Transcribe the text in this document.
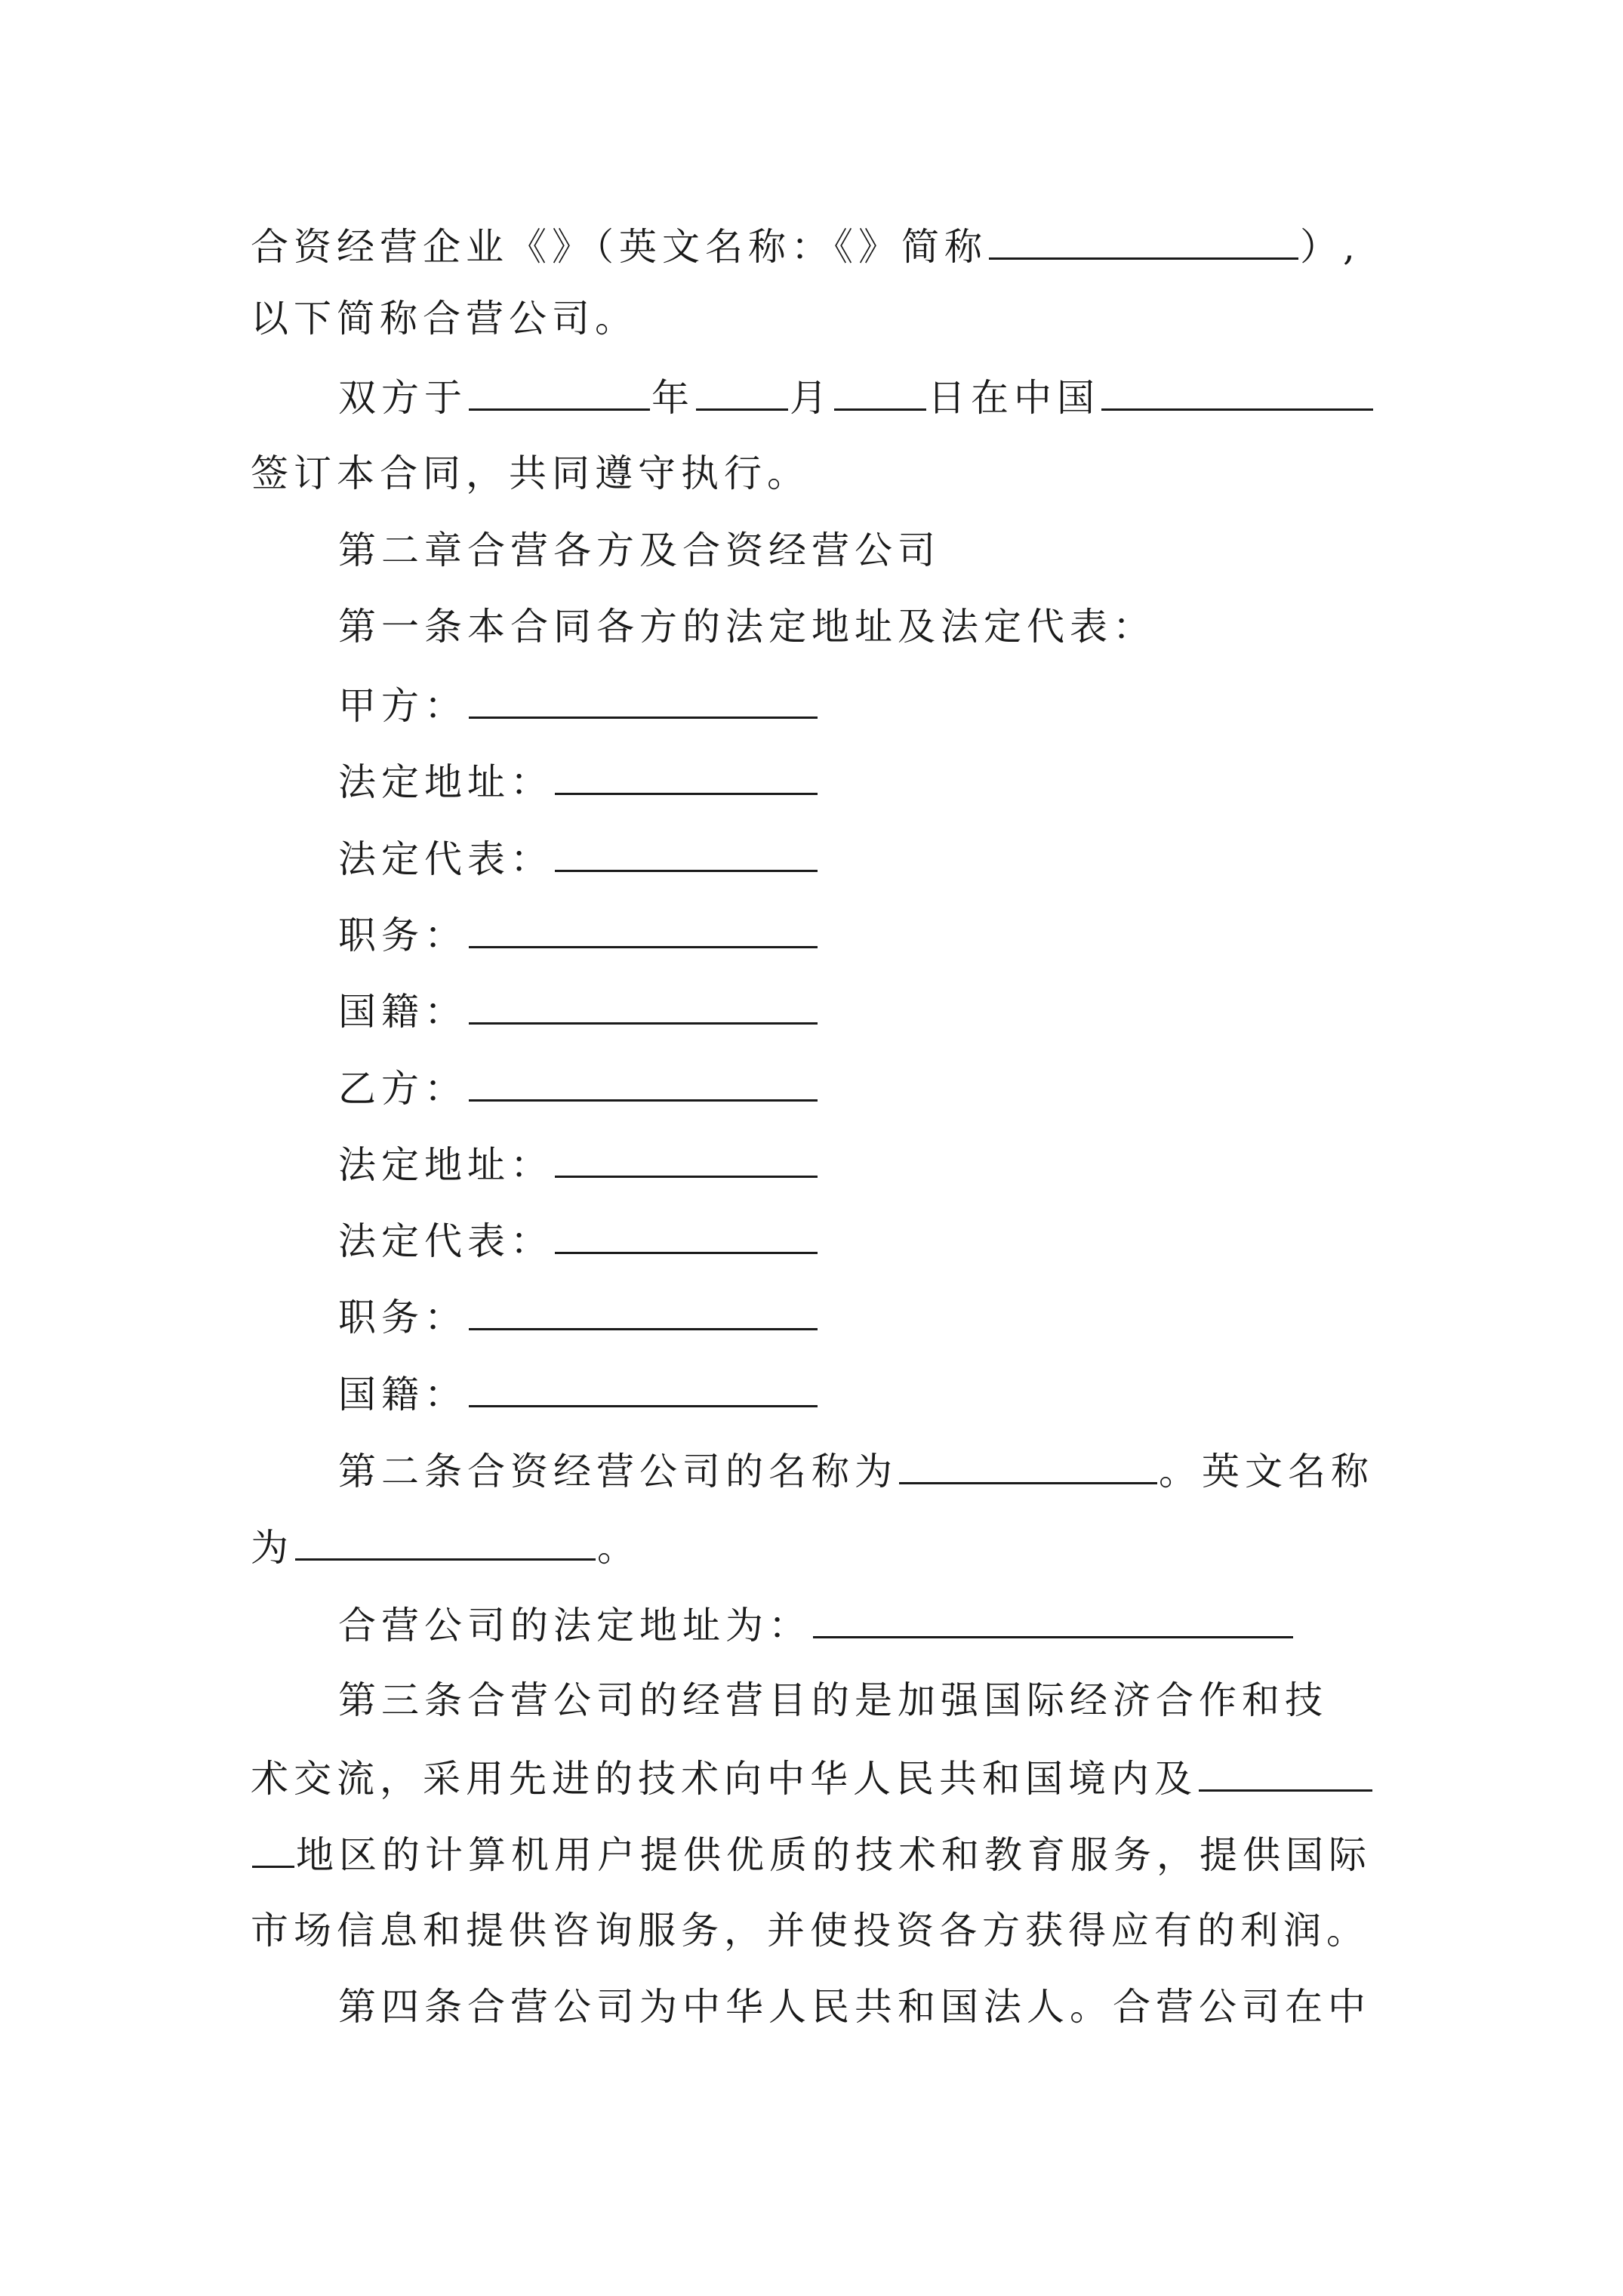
合资经营企业《》（英文名称：《》简称	）,
以下简称合营公司。
双方于	年	月	日在中国
签订本合同，共同遵守执行。
第二章合营各方及合资经营公司
第一条本合同各方的法定地址及法定代表：
甲方：
法定地址：
法定代表：
职务：
国籍：
乙方：
法定地址：
法定代表：
职务：
国籍：
第二条合资经营公司的名称为	。英文名称
为	。
合营公司的法定地址为：
第三条合营公司的经营目的是加强国际经济合作和技
术交流，采用先进的技术向中华人民共和国境内及
地区的计算机用户提供优质的技术和教育服务，提供国际
市场信息和提供咨询服务，并使投资各方获得应有的利润。
第四条合营公司为中华人民共和国法人。合营公司在中
